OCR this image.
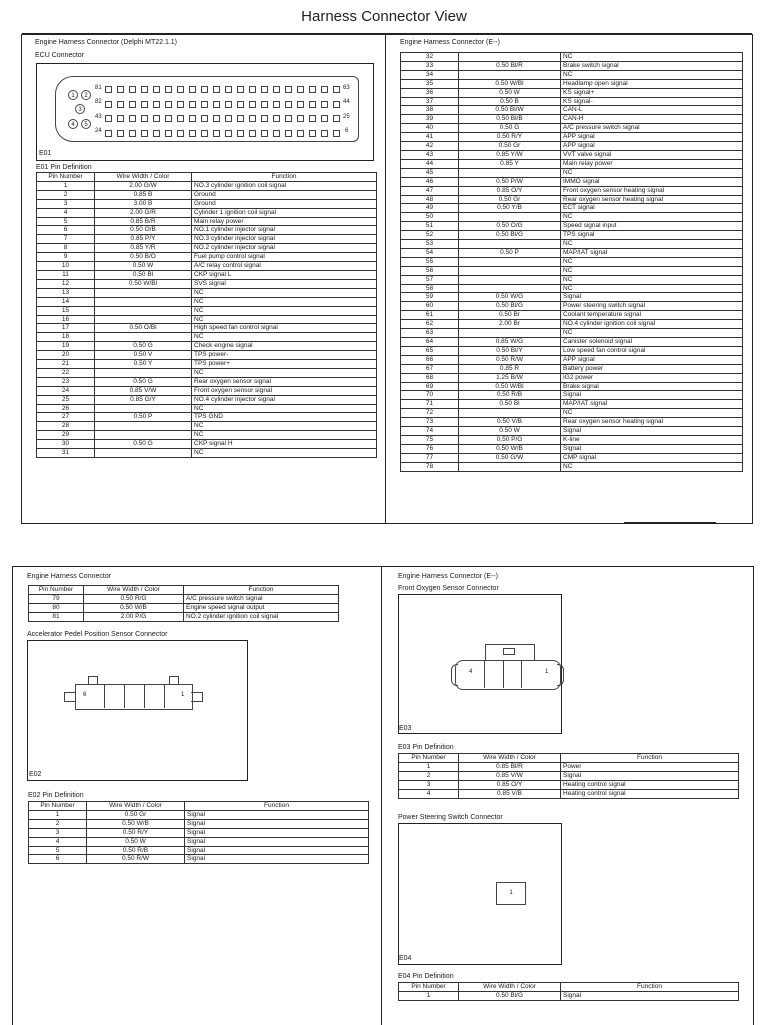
Harness Connector View
Engine Harness Connector (Delphi MT22.1.1)
ECU Connector
1	2
3
4	5
81
82
43
24
63
44
25
6
E01
E01 Pin Definition
Pin Number	Wire Width / Color	Function
1	2.00 G/W	NO.3 cylinder ignition coil signal
2	0.85 B	Ground
3	3.00 B	Ground
4	2.00 G/R	Cylinder 1 ignition coil signal
5	0.85 B/R	Main relay power
6	0.50 O/B	NO.1 cylinder injector signal
7	0.85 P/Y	NO.3 cylinder injector signal
8	0.85 Y/R	NO.2 cylinder injector signal
9	0.50 B/O	Fuel pump control signal
10	0.50 W	A/C relay control signal
11	0.50 Bl	CKP signal L
12	0.50 W/Bl	SVS signal
13		NC
14		NC
15		NC
16		NC
17	0.50 O/Bl	High speed fan control signal
18		NC
19	0.50 G	Check engine signal
20	0.50 V	TPS power-
21	0.50 Y	TPS power+
22		NC
23	0.50 G	Rear oxygen sensor signal
24	0.85 V/W	Front oxygen sensor signal
25	0.85 G/Y	NO.4 cylinder injector signal
26		NC
27	0.50 P	TPS GND
28		NC
29		NC
30	0.50 G	CKP signal H
31		NC
Engine Harness Connector (E--)
32		NC
33	0.50 Bl/R	Brake switch signal
34		NC
35	0.50 W/Bl	Headlamp open signal
36	0.50 W	KS signal+
37	0.50 B	KS signal-
38	0.50 Bl/W	CAN-L
39	0.50 Bl/B	CAN-H
40	0.50 G	A/C pressure switch signal
41	0.50 R/Y	APP signal
42	0.50 Gr	APP signal
43	0.85 Y/W	VVT valve signal
44	0.85 Y	Main relay power
45		NC
46	0.50 P/W	IMMO signal
47	0.85 O/Y	Front oxygen sensor heating signal
48	0.50 Gr	Rear oxygen sensor heating signal
49	0.50 Y/B	ECT signal
50		NC
51	0.50 O/G	Speed signal input
52	0.50 Bl/G	TPS signal
53		NC
54	0.50 P	MAP/IAT signal
55		NC
56		NC
57		NC
58		NC
59	0.50 W/G	Signal
60	0.50 Bl/G	Power steering switch signal
61	0.50 Br	Coolant temperature signal
62	2.00 Br	NO.4 cylinder ignition coil signal
63		NC
64	0.85 W/G	Canister solenoid signal
65	0.50 Bl/Y	Low speed fan control signal
66	0.50 R/W	APP signal
67	0.85 R	Battery power
68	1.25 B/W	IG2 power
69	0.50 W/Bl	Brake signal
70	0.50 R/B	Signal
71	0.50 Bl	MAP/IAT signal
72		NC
73	0.50 V/B	Rear oxygen sensor heating signal
74	0.50 W	Signal
75	0.50 P/G	K-line
76	0.50 W/B	Signal
77	0.50 G/W	CMP signal
78		NC
Engine Harness Connector
Pin Number	Wire Width / Color	Function
79	0.50 R/G	A/C pressure switch signal
80	0.50 W/B	Engine speed signal output
81	2.00 P/G	NO.2 cylinder ignition coil signal
Accelerator Pedel Position Sensor Connector
6	1
E02
E02 Pin Definition
Pin Number	Wire Width / Color	Function
1	0.50 Gr	Signal
2	0.50 W/B	Signal
3	0.50 R/Y	Signal
4	0.50 W	Signal
5	0.50 R/B	Signal
6	0.50 R/W	Signal
Engine Harness Connector (E--)
Front Oxygen Sensor Connector
4	1
E03
E03 Pin Definition
Pin Number	Wire Width / Color	Function
1	0.85 Bl/R	Power
2	0.85 V/W	Signal
3	0.85 O/Y	Heating control signal
4	0.85 V/B	Heating control signal
Power Steering Switch Connector
1
E04
E04 Pin Definition
Pin Number	Wire Width / Color	Function
1	0.50 Bl/G	Signal
